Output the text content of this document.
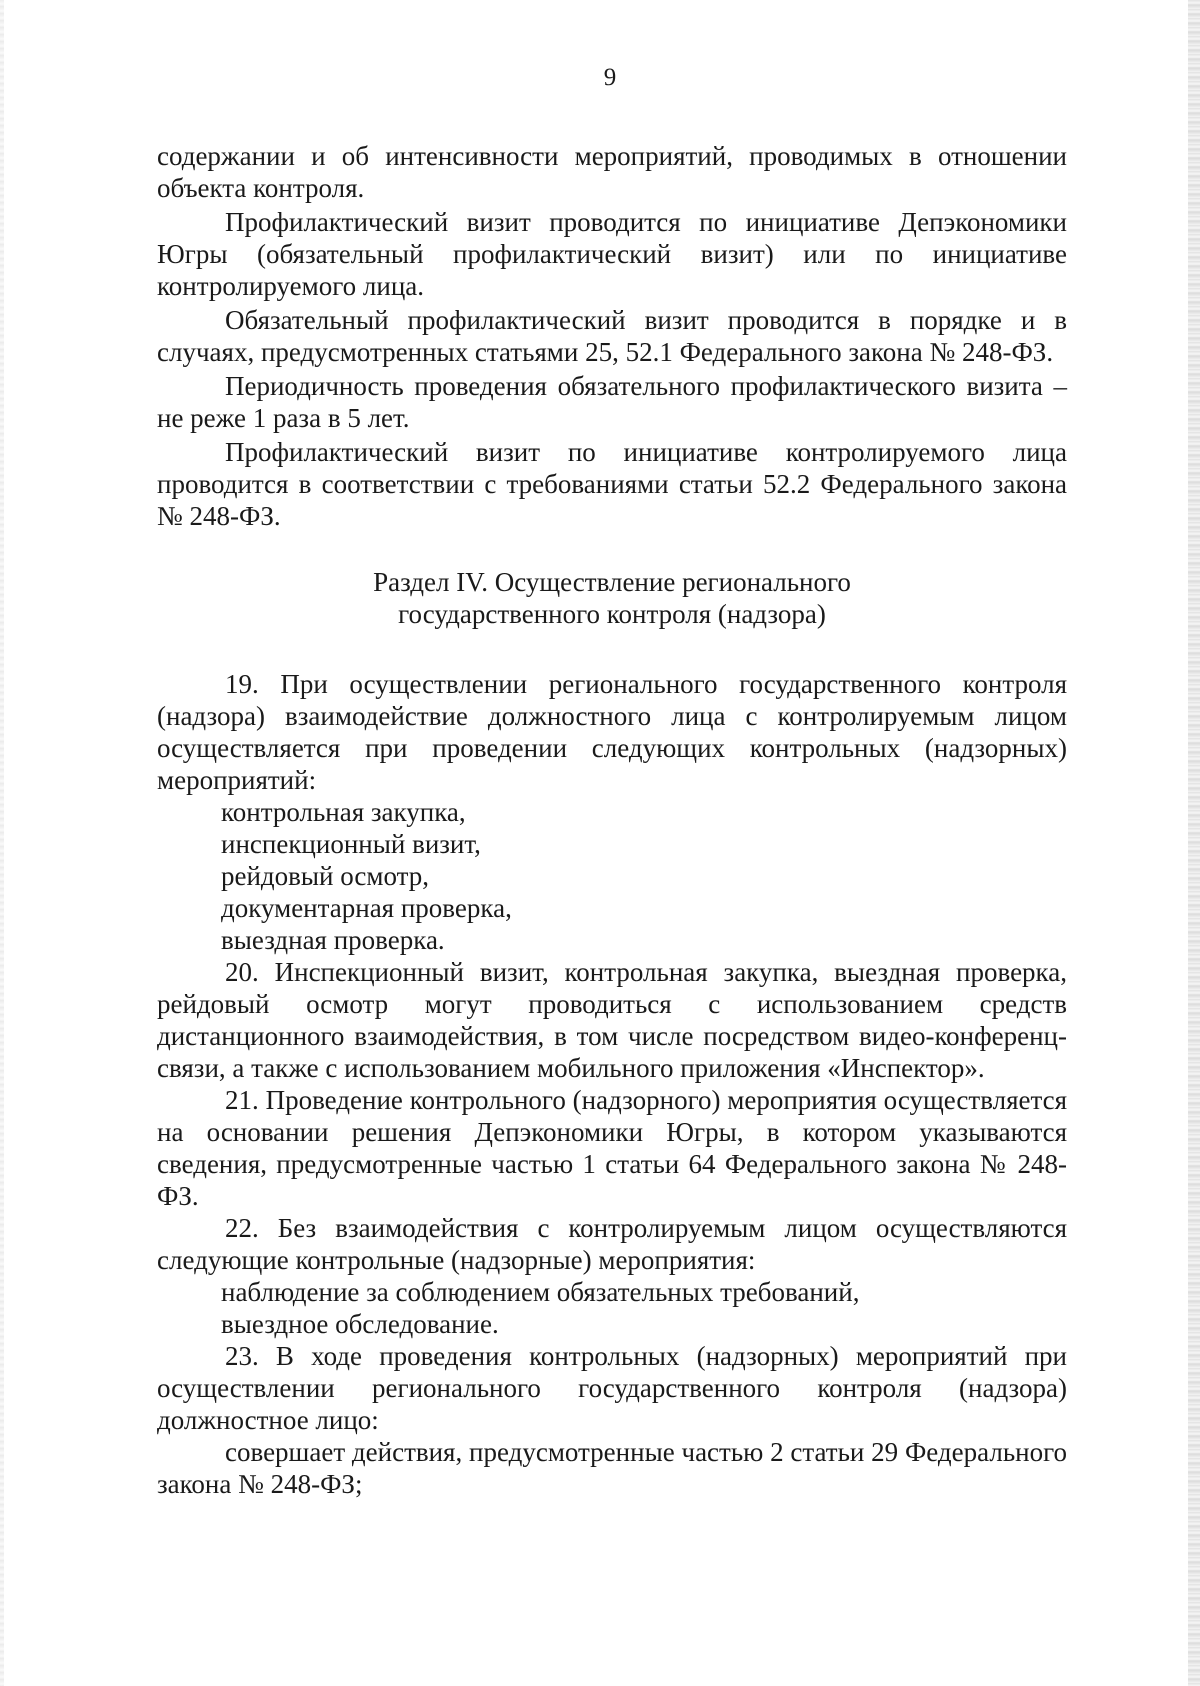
9

содержании и об интенсивности мероприятий, проводимых в отношении объекта контроля.

Профилактический визит проводится по инициативе Депэкономики Югры (обязательный профилактический визит) или по инициативе контролируемого лица.

Обязательный профилактический визит проводится в порядке и в случаях, предусмотренных статьями 25, 52.1 Федерального закона № 248-ФЗ.

Периодичность проведения обязательного профилактического визита – не реже 1 раза в 5 лет.

Профилактический визит по инициативе контролируемого лица проводится в соответствии с требованиями статьи 52.2 Федерального закона № 248-ФЗ.

Раздел IV. Осуществление регионального
государственного контроля (надзора)

19. При осуществлении регионального государственного контроля (надзора) взаимодействие должностного лица с контролируемым лицом осуществляется при проведении следующих контрольных (надзорных) мероприятий:

контрольная закупка,

инспекционный визит,

рейдовый осмотр,

документарная проверка,

выездная проверка.

20. Инспекционный визит, контрольная закупка, выездная проверка, рейдовый осмотр могут проводиться с использованием средств дистанционного взаимодействия, в том числе посредством видео-конференц-связи, а также с использованием мобильного приложения «Инспектор».

21. Проведение контрольного (надзорного) мероприятия осуществляется на основании решения Депэкономики Югры, в котором указываются сведения, предусмотренные частью 1 статьи 64 Федерального закона № 248-ФЗ.

22. Без взаимодействия с контролируемым лицом осуществляются следующие контрольные (надзорные) мероприятия:

наблюдение за соблюдением обязательных требований,

выездное обследование.

23. В ходе проведения контрольных (надзорных) мероприятий при осуществлении регионального государственного контроля (надзора) должностное лицо:

совершает действия, предусмотренные частью 2 статьи 29 Федерального закона № 248-ФЗ;
